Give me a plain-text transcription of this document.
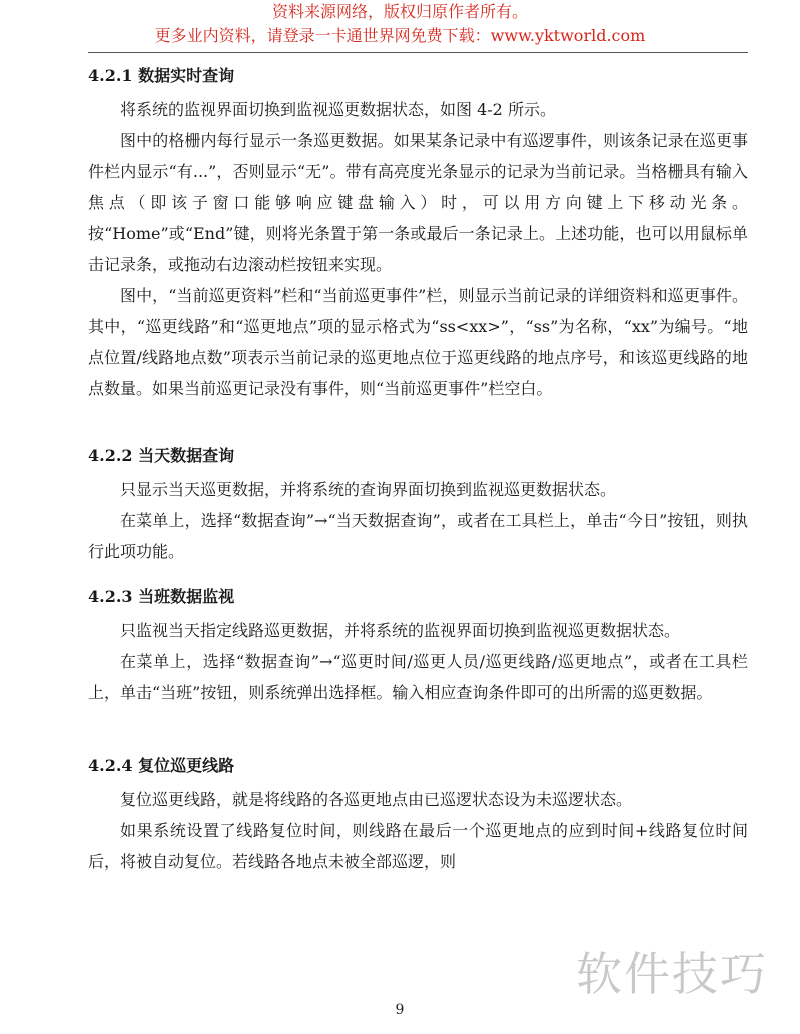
资料来源网络，版权归原作者所有。
更多业内资料，请登录一卡通世界网免费下载：www.yktworld.com
4.2.1 数据实时查询

将系统的监视界面切换到监视巡更数据状态，如图 4-2 所示。

图中的格栅内每行显示一条巡更数据。如果某条记录中有巡逻事件，则该条记录在巡更事件栏内显示“有...”，否则显示“无”。带有高亮度光条显示的记录为当前记录。当格栅具有输入焦点（即该子窗口能够响应键盘输入）时，可以用方向键上下移动光条。按“Home”或“End”键，则将光条置于第一条或最后一条记录上。上述功能，也可以用鼠标单击记录条，或拖动右边滚动栏按钮来实现。

图中，“当前巡更资料”栏和“当前巡更事件”栏，则显示当前记录的详细资料和巡更事件。其中，“巡更线路”和“巡更地点”项的显示格式为“ss<xx>”，“ss”为名称，“xx”为编号。“地点位置/线路地点数”项表示当前记录的巡更地点位于巡更线路的地点序号，和该巡更线路的地点数量。如果当前巡更记录没有事件，则“当前巡更事件”栏空白。

4.2.2 当天数据查询

只显示当天巡更数据，并将系统的查询界面切换到监视巡更数据状态。

在菜单上，选择“数据查询”→“当天数据查询”，或者在工具栏上，单击“今日”按钮，则执行此项功能。

4.2.3 当班数据监视

只监视当天指定线路巡更数据，并将系统的监视界面切换到监视巡更数据状态。

在菜单上，选择“数据查询”→“巡更时间/巡更人员/巡更线路/巡更地点”，或者在工具栏上，单击“当班”按钮，则系统弹出选择框。输入相应查询条件即可的出所需的巡更数据。

4.2.4 复位巡更线路

复位巡更线路，就是将线路的各巡更地点由已巡逻状态设为未巡逻状态。

如果系统设置了线路复位时间，则线路在最后一个巡更地点的应到时间+线路复位时间后，将被自动复位。若线路各地点未被全部巡逻，则

软件技巧
9
